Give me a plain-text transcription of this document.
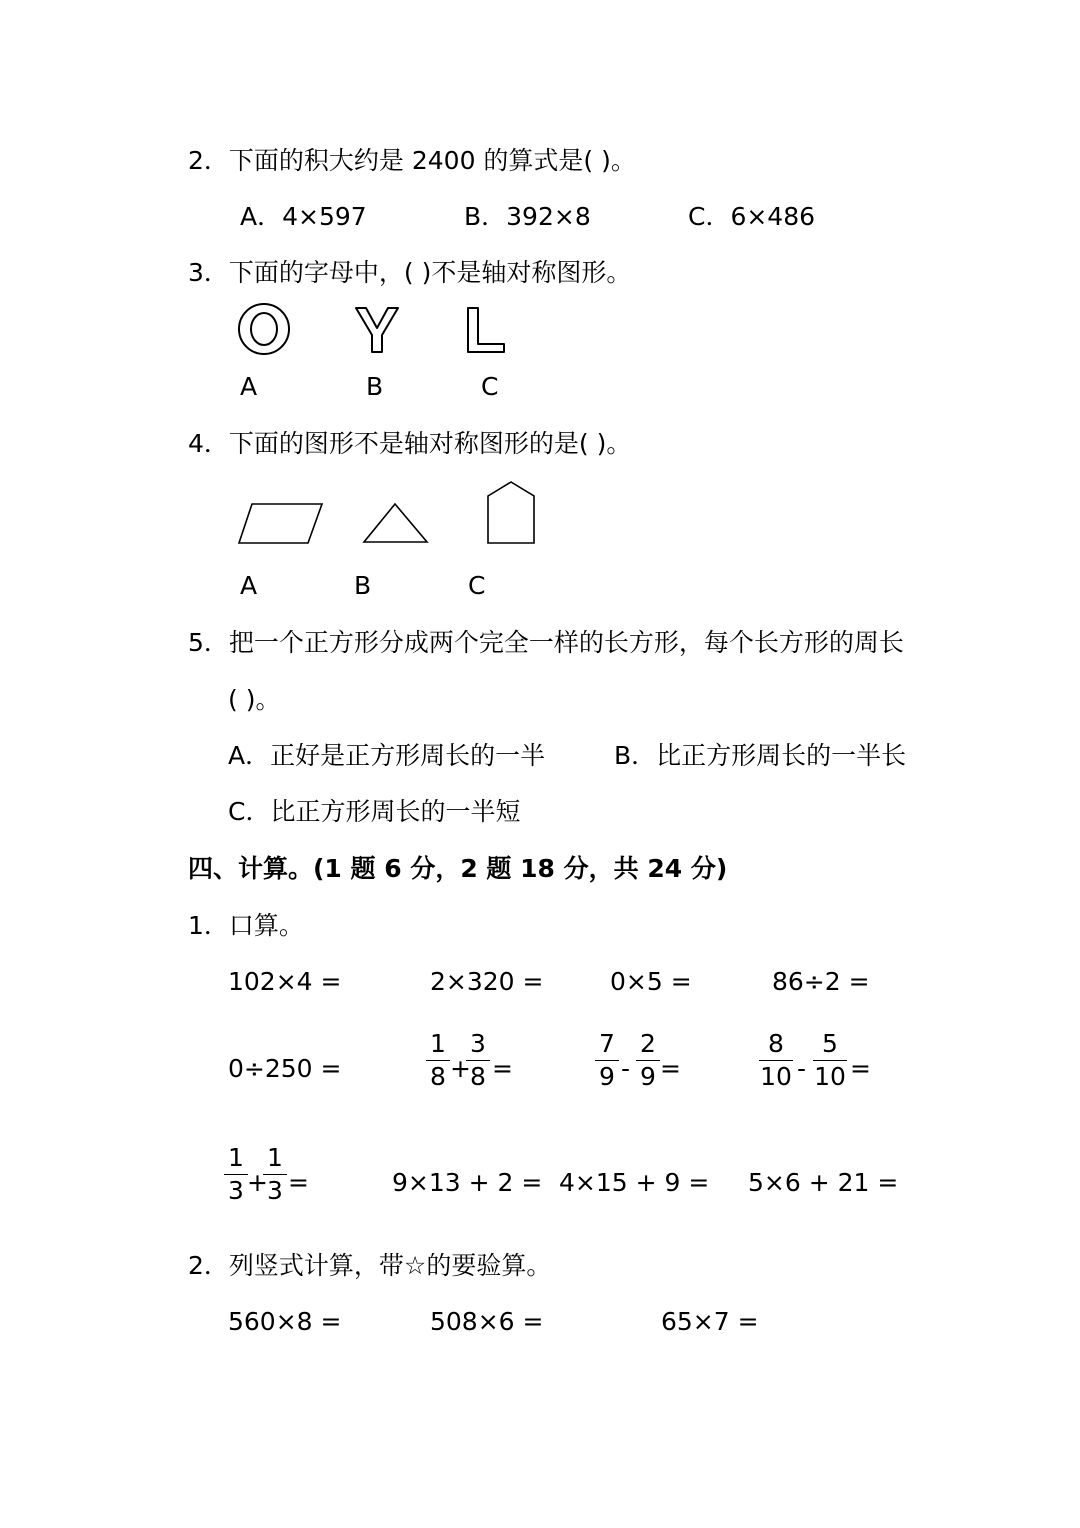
2．下面的积大约是 2400 的算式是( )。
A．4×597	B．392×8	C．6×486
3．下面的字母中，( )不是轴对称图形。
O	Y	L
A	B	C
4．下面的图形不是轴对称图形的是( )。
A	B	C
5．把一个正方形分成两个完全一样的长方形，每个长方形的周长
( )。
A．正好是正方形周长的一半	B．比正方形周长的一半长
C．比正方形周长的一半短
四、计算。(1 题 6 分，2 题 18 分，共 24 分)
1．口算。
102×4 =	2×320 =	0×5 =	86÷2 =
0÷250 =
1
8 +
3
8 =
7
9 -
2
9 =
8
10 -
5
10 =
1
3 +
1
3 =	9×13 + 2 = 4×15 + 9 = 5×6 + 21 =
2．列竖式计算，带☆的要验算。
560×8 =	508×6 =	65×7 =
